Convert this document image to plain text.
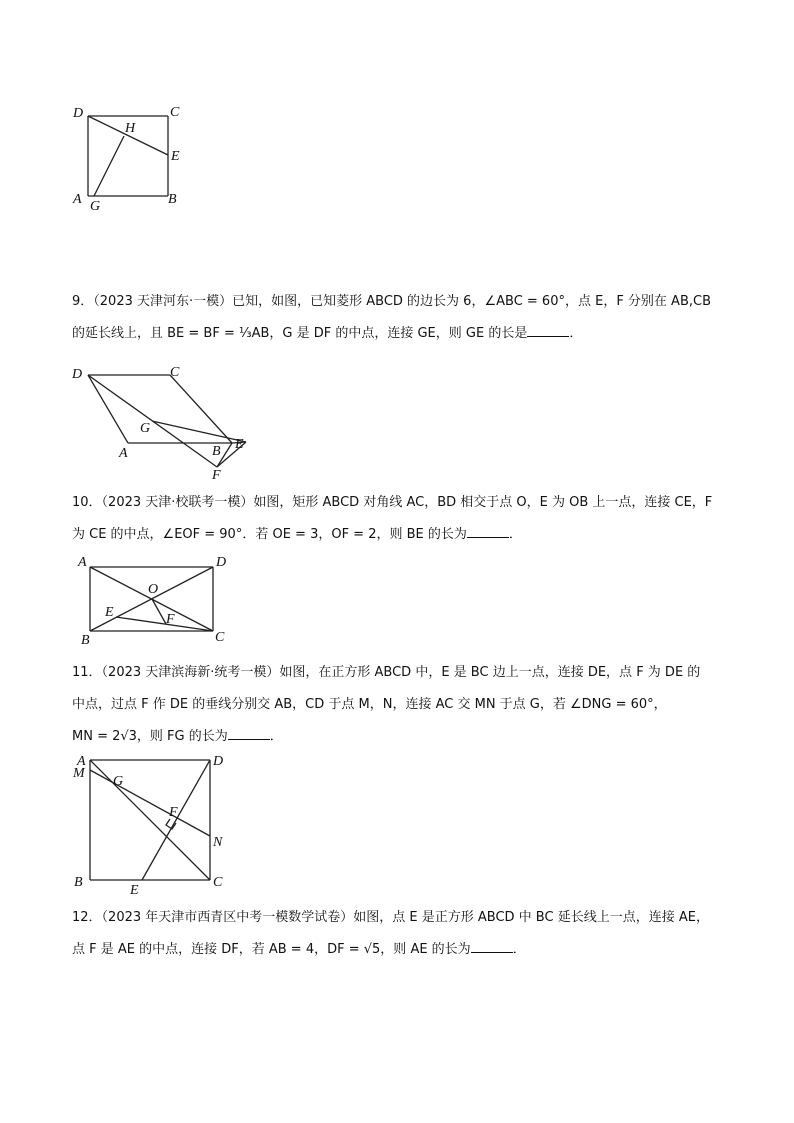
D	C
H
E
A G	B
9．（2023 天津河东·一模）已知，如图，已知菱形 ABCD 的边长为 6，∠ABC = 60°，点 E，F 分别在 AB,CB
的延长线上，且 BE = BF = ⅓AB，G 是 DF 的中点，连接 GE，则 GE 的长是	．
D	C
G
E
A	B
F
10．（2023 天津·校联考一模）如图，矩形 ABCD 对角线 AC，BD 相交于点 O，E 为 OB 上一点，连接 CE，F
为 CE 的中点，∠EOF = 90°．若 OE = 3，OF = 2，则 BE 的长为	．
A	D
O
E	F
B	C
11．（2023 天津滨海新·统考一模）如图，在正方形 ABCD 中，E 是 BC 边上一点，连接 DE，点 F 为 DE 的
中点，过点 F 作 DE 的垂线分别交 AB，CD 于点 M，N，连接 AC 交 MN 于点 G，若 ∠DNG = 60°，
MN = 2√3，则 FG 的长为	．
A	D
M
G
F
N
B
E
C
12．（2023 年天津市西青区中考一模数学试卷）如图，点 E 是正方形 ABCD 中 BC 延长线上一点，连接 AE，
点 F 是 AE 的中点，连接 DF，若 AB = 4，DF = √5，则 AE 的长为	．
